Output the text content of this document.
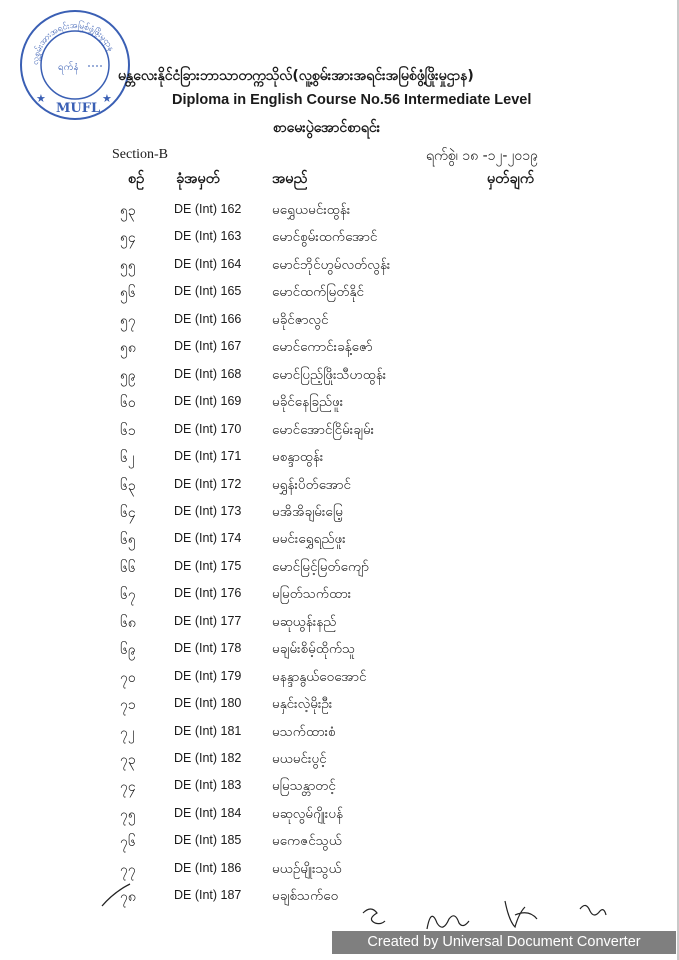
လူ့စွမ်းအားအရင်းအမြစ်ဖွံ့ဖြိုးမှုဌာန
ရက်နံ
MUFL
★	★
မန္တလေးနိုင်ငံခြားဘာသာတက္ကသိုလ်(လူ့စွမ်းအားအရင်းအမြစ်ဖွံ့ဖြိုးမှုဌာန)
Diploma in English Course No.56 Intermediate Level
စာမေးပွဲအောင်စာရင်း
Section-B	ရက်စွဲ၊ ၁၈ -၁၂-၂၀၁၉
စဉ် ခုံအမှတ်	အမည်	မှတ်ချက်
၅၃	DE (Int) 162 မရွှေယမင်းထွန်း
၅၄	DE (Int) 163 မောင်စွမ်းထက်အောင်
၅၅	DE (Int) 164 မောင်ဘိုင်ဟွမ်လတ်လွန်း
၅၆	DE (Int) 165 မောင်ထက်မြတ်နိုင်
၅၇	DE (Int) 166 မခိုင်ဇာလွင်
၅၈	DE (Int) 167 မောင်ကောင်းခန့်ဇော်
၅၉	DE (Int) 168 မောင်ပြည့်ဖြိုးသီဟထွန်း
၆၀	DE (Int) 169 မခိုင်နေခြည်ဖူး
၆၁	DE (Int) 170 မောင်အောင်ငြိမ်းချမ်း
၆၂	DE (Int) 171 မစန္ဒာထွန်း
၆၃	DE (Int) 172 မရွှန်းပိတ်အောင်
၆၄	DE (Int) 173 မအိအိချမ်းမြေ့
၆၅	DE (Int) 174 မမင်းရွှေရည်ဖူး
၆၆	DE (Int) 175 မောင်မြင့်မြတ်ကျော်
၆၇	DE (Int) 176 မမြတ်သက်ထား
၆၈	DE (Int) 177 မဆုယွန်းနည်
၆၉	DE (Int) 178 မချမ်းစိမ့်ထိုက်သူ
၇၀	DE (Int) 179 မနန္ဒာနွယ်ဝေအောင်
၇၁	DE (Int) 180 မနှင်းလဲ့မိုးဦး
၇၂	DE (Int) 181 မသက်ထားစံ
၇၃	DE (Int) 182 မယမင်းပွင့်
၇၄	DE (Int) 183 မမြသန္တာတင့်
၇၅	DE (Int) 184 မဆုလွမ်ဂျိုးပန်
၇၆	DE (Int) 185 မကေဇင်သွယ်
၇၇	DE (Int) 186 မယဉ်မျိုးသွယ်
၇၈	DE (Int) 187 မချစ်သက်ဝေ
Created by Universal Document Converter
